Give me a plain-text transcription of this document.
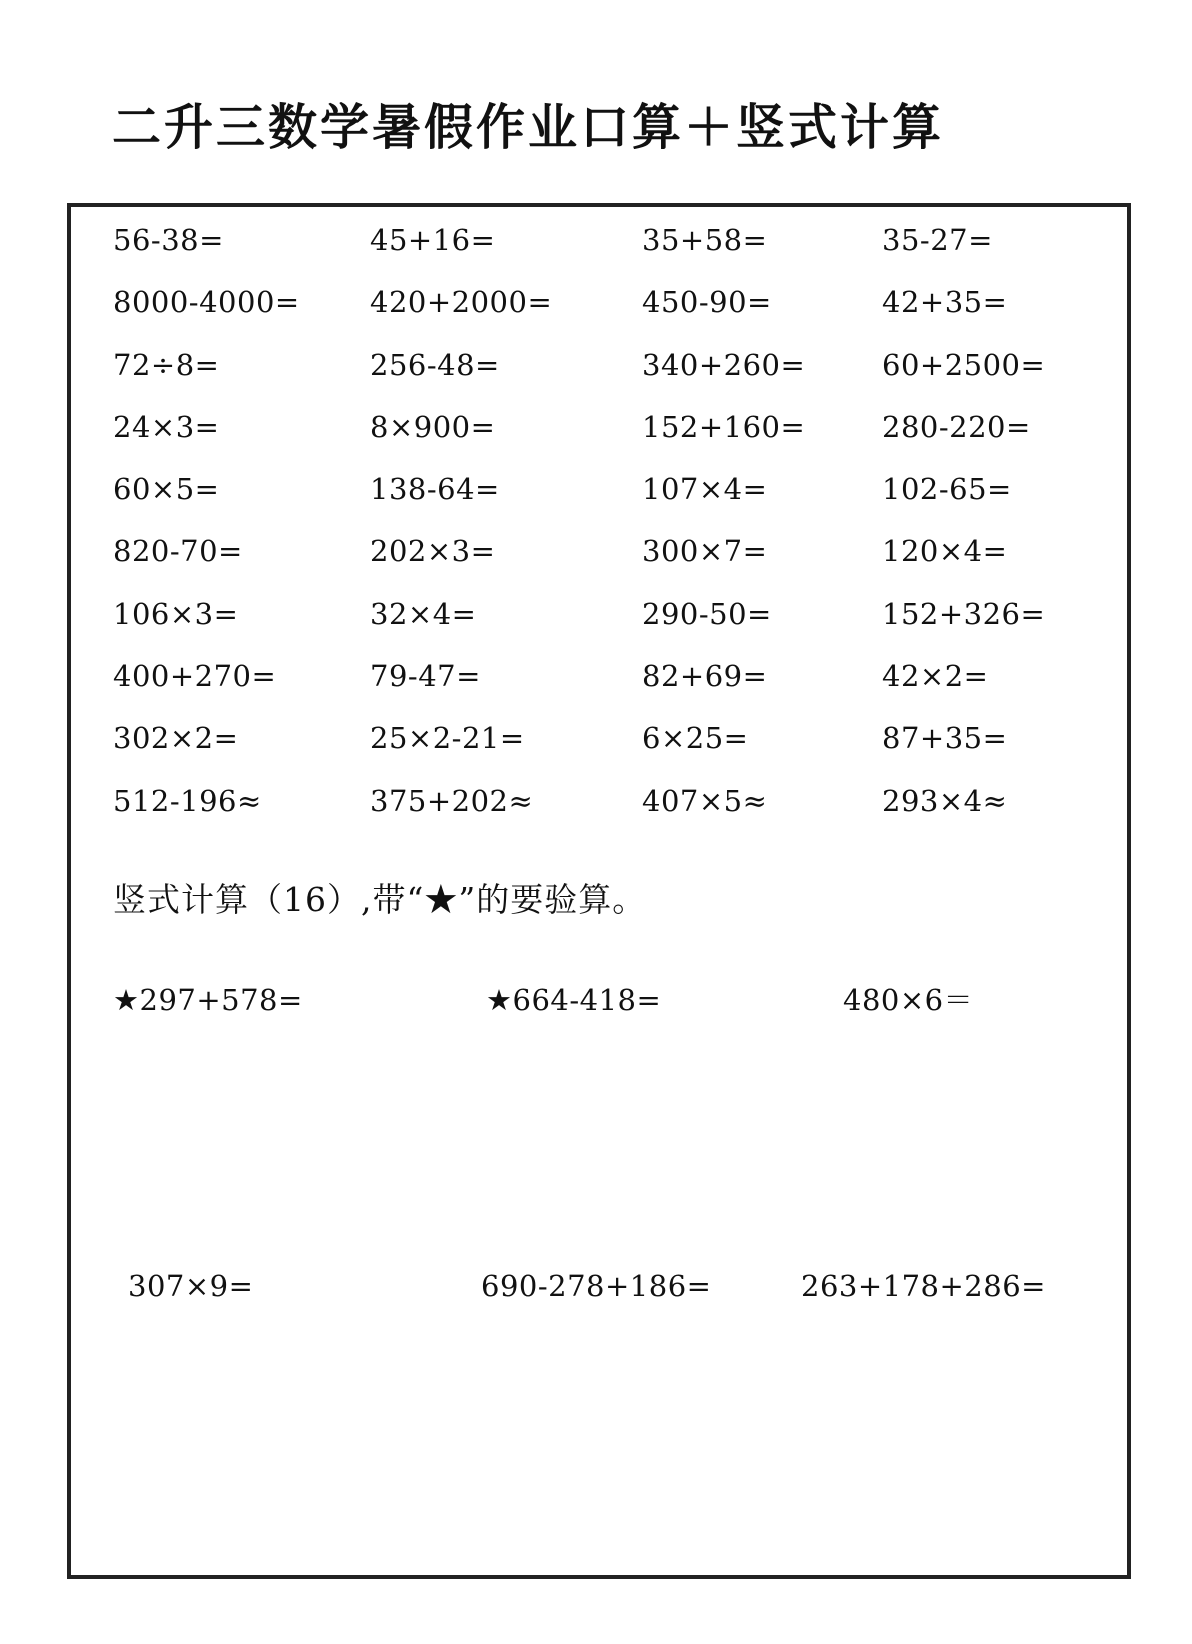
二升三数学暑假作业口算＋竖式计算
56-38=	45+16=	35+58=	35-27=
8000-4000= 420+2000=	450-90=	42+35=
72÷8=	256-48=	340+260=	60+2500=
24×3=	8×900=	152+160=	280-220=
60×5=	138-64=	107×4=	102-65=
820-70=	202×3=	300×7=	120×4=
106×3=	32×4=	290-50=	152+326=
400+270=	79-47=	82+69=	42×2=
302×2=	25×2-21=	6×25=	87+35=
512-196≈	375+202≈	407×5≈	293×4≈
竖式计算（16）,带“★”的要验算。
★297+578=	★664-418=	480×6＝
307×9=	690-278+186=	263+178+286=
